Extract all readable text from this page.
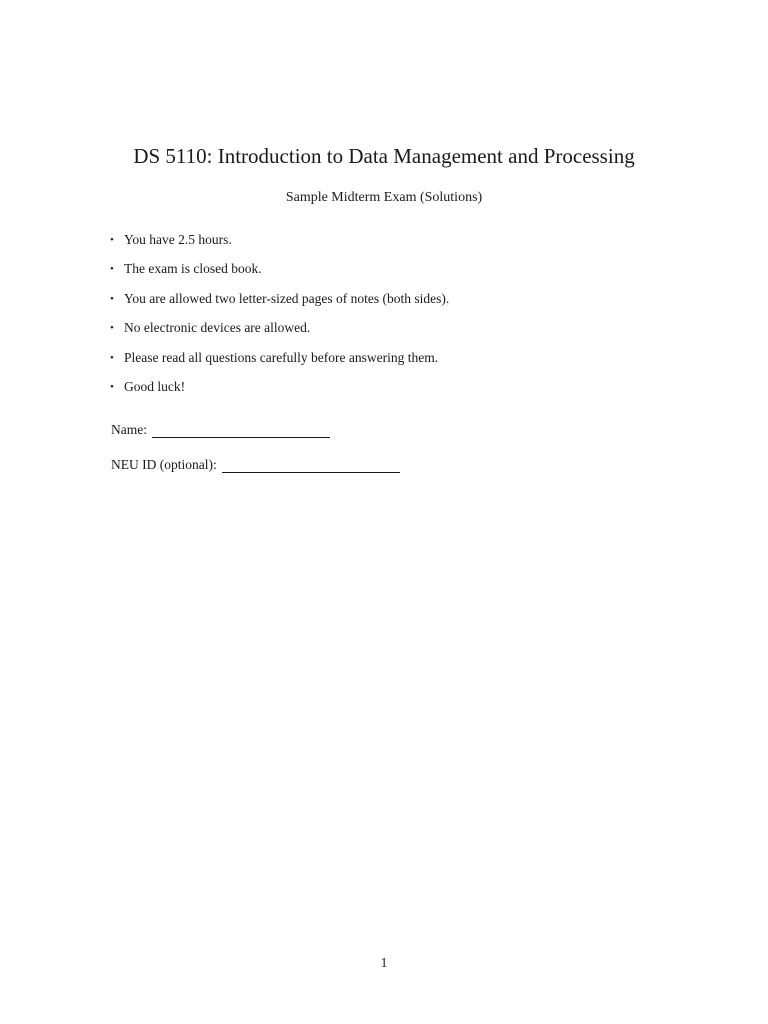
DS 5110: Introduction to Data Management and Processing
Sample Midterm Exam (Solutions)
• You have 2.5 hours.
• The exam is closed book.
• You are allowed two letter-sized pages of notes (both sides).
• No electronic devices are allowed.
• Please read all questions carefully before answering them.
• Good luck!
Name:
NEU ID (optional):
1
